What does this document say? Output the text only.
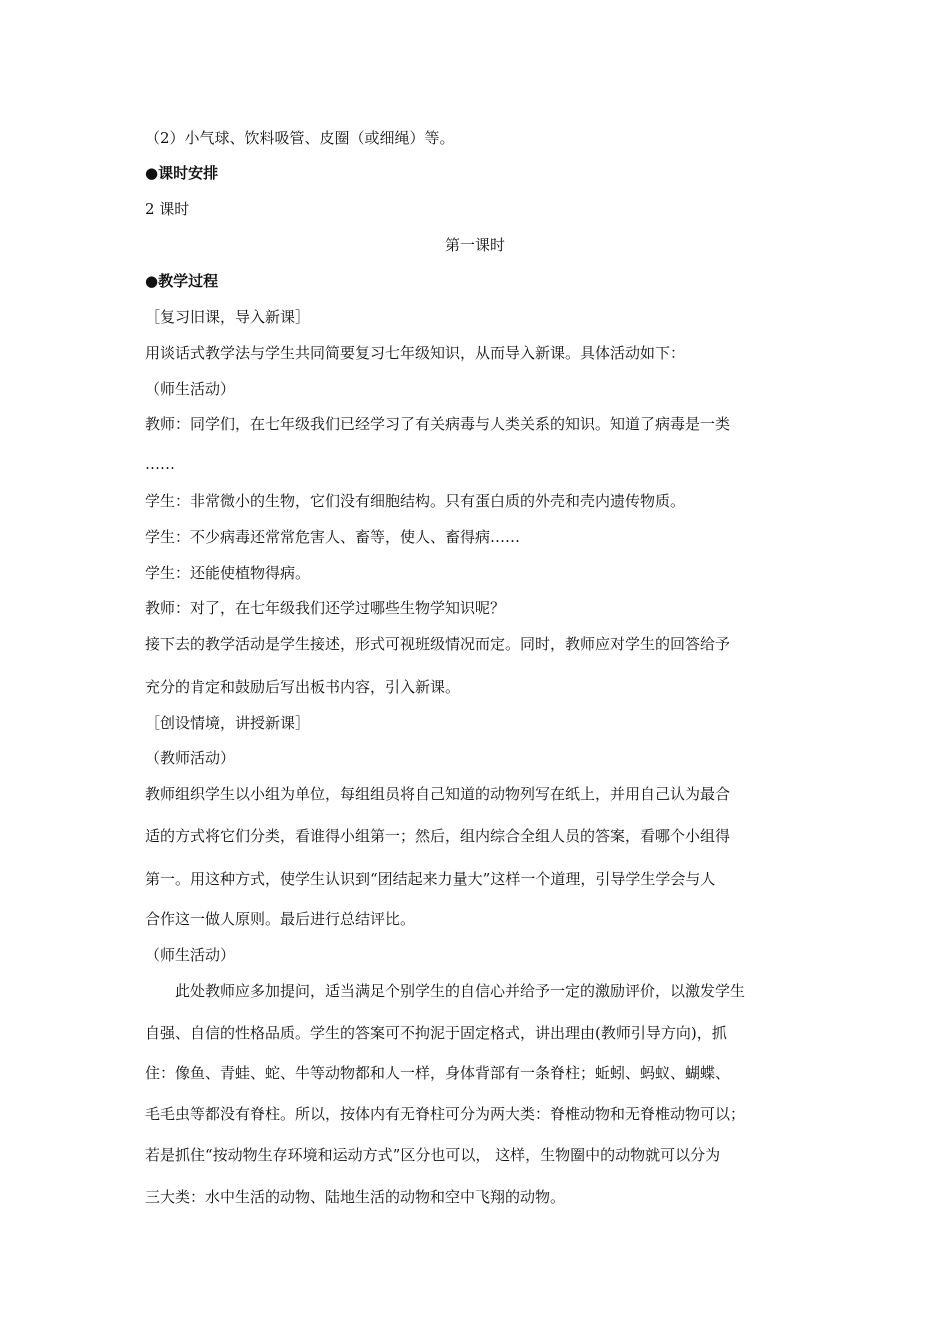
（2）小气球、饮料吸管、皮圈（或细绳）等。
●课时安排
2 课时
第一课时
●教学过程
［复习旧课，导入新课］
用谈话式教学法与学生共同简要复习七年级知识，从而导入新课。具体活动如下：
（师生活动）
教师：同学们，在七年级我们已经学习了有关病毒与人类关系的知识。知道了病毒是一类
……
学生：非常微小的生物，它们没有细胞结构。只有蛋白质的外壳和壳内遗传物质。
学生：不少病毒还常常危害人、畜等，使人、畜得病……
学生：还能使植物得病。
教师：对了，在七年级我们还学过哪些生物学知识呢？
接下去的教学活动是学生接述，形式可视班级情况而定。同时，教师应对学生的回答给予
充分的肯定和鼓励后写出板书内容，引入新课。
［创设情境，讲授新课］
（教师活动）
教师组织学生以小组为单位，每组组员将自己知道的动物列写在纸上，并用自己认为最合
适的方式将它们分类，看谁得小组第一；然后，组内综合全组人员的答案，看哪个小组得
第一。用这种方式，使学生认识到“团结起来力量大”这样一个道理，引导学生学会与人
合作这一做人原则。最后进行总结评比。
（师生活动）
此处教师应多加提问，适当满足个别学生的自信心并给予一定的激励评价，以激发学生
自强、自信的性格品质。学生的答案可不拘泥于固定格式，讲出理由(教师引导方向)，抓
住：像鱼、青蛙、蛇、牛等动物都和人一样，身体背部有一条脊柱；蚯蚓、蚂蚁、蝴蝶、
毛毛虫等都没有脊柱。所以，按体内有无脊柱可分为两大类：脊椎动物和无脊椎动物可以；
若是抓住“按动物生存环境和运动方式”区分也可以， 这样，生物圈中的动物就可以分为
三大类：水中生活的动物、陆地生活的动物和空中飞翔的动物。
